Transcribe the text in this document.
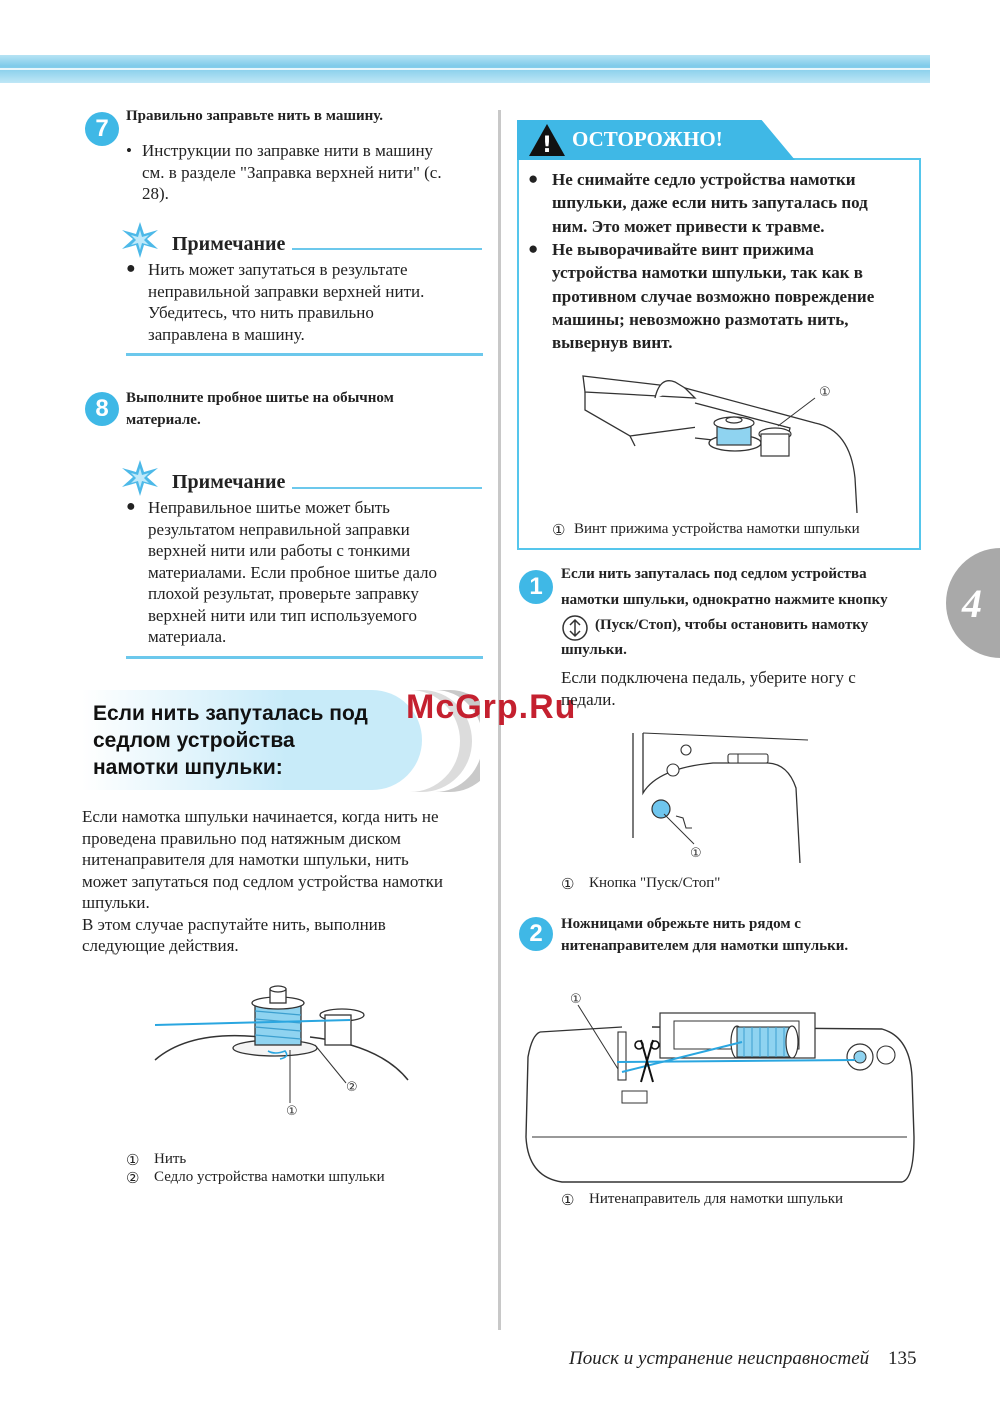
7	Правильно заправьте нить в машину.
• Инструкции по заправке нити в машину
см. в разделе "Заправка верхней нити" (с.
28).
Примечание
● Нить может запутаться в результате
неправильной заправки верхней нити.
Убедитесь, что нить правильно
заправлена в машину.
8	Выполните пробное шитье на обычном
материале.
Примечание
● Неправильное шитье может быть
результатом неправильной заправки
верхней нити или работы с тонкими
материалами. Если пробное шитье дало
плохой результат, проверьте заправку
верхней нити или тип используемого
материала.
Если нить запуталась под
седлом устройства
намотки шпульки:
McGrp.Ru
Если намотка шпульки начинается, когда нить не
проведена правильно под натяжным диском
нитенаправителя для намотки шпульки, нить
может запутаться под седлом устройства намотки
шпульки.
В этом случае распутайте нить, выполнив
следующие действия.
②
①
① Нить
② Седло устройства намотки шпульки
! ОСТОРОЖНО!
● Не снимайте седло устройства намотки
шпульки, даже если нить запуталась под
ним. Это может привести к травме.
● Не выворачивайте винт прижима
устройства намотки шпульки, так как в
противном случае возможно повреждение
машины; невозможно размотать нить,
вывернув винт.
①
① Винт прижима устройства намотки шпульки
4
1	Если нить запуталась под седлом устройства
намотки шпульки, однократно нажмите кнопку
(Пуск/Стоп), чтобы остановить намотку
шпульки.
Если подключена педаль, уберите ногу с
педали.
①
① Кнопка "Пуск/Стоп"
2	Ножницами обрежьте нить рядом с
нитенаправителем для намотки шпульки.
①
① Нитенаправитель для намотки шпульки
Поиск и устранение неисправностей 135
